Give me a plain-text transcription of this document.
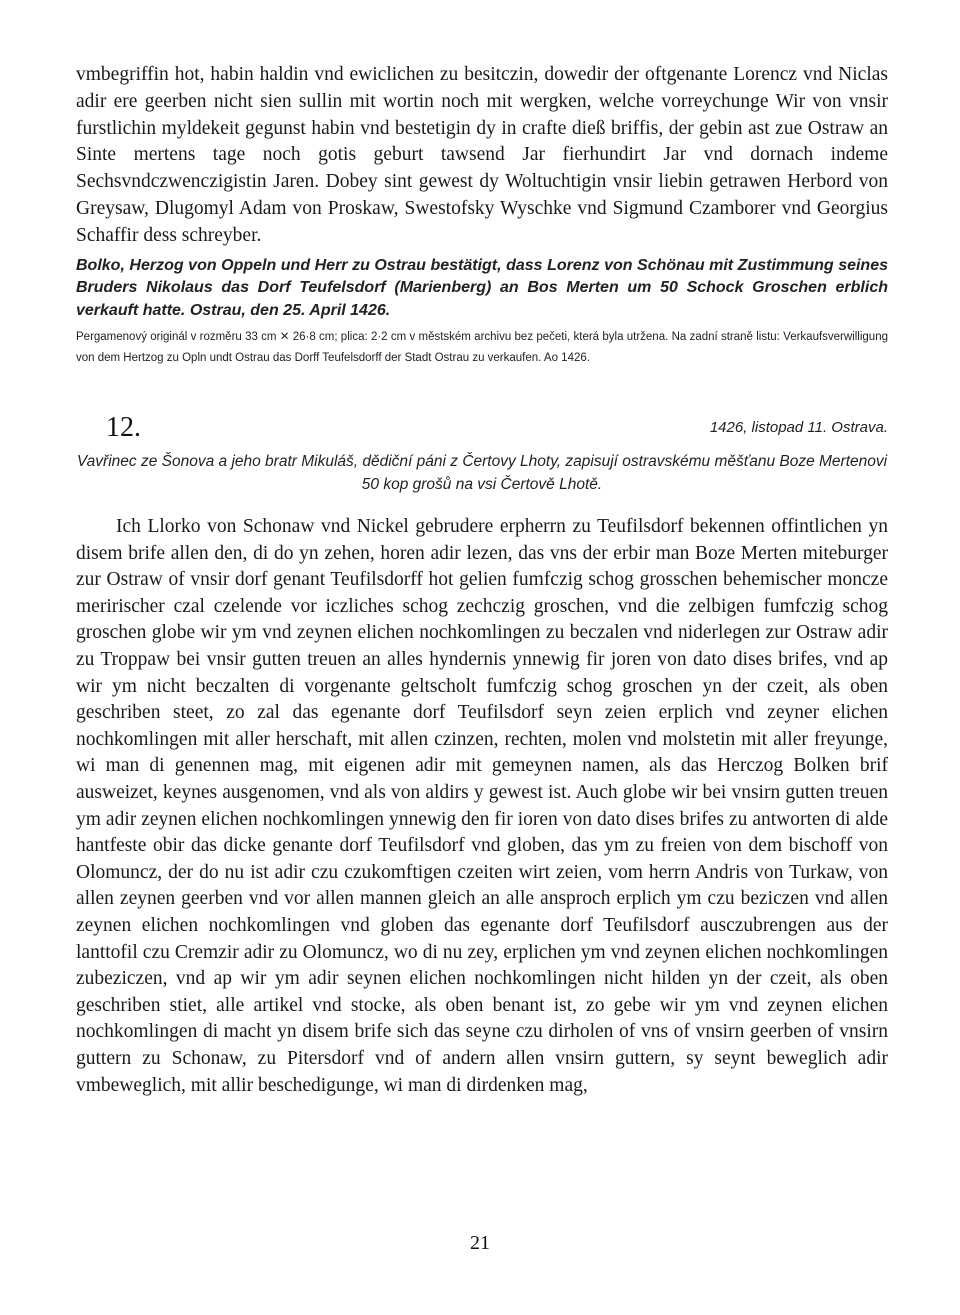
vmbegriffin hot, habin haldin vnd ewiclichen zu besitczin, dowedir der oftgenante Lorencz vnd Niclas adir ere geerben nicht sien sullin mit wortin noch mit wergken, welche vorreychunge Wir von vnsir furstlichin myldekeit gegunst habin vnd bestetigin dy in crafte dieß briffis, der gebin ast zue Ostraw an Sinte mertens tage noch gotis geburt tawsend Jar fierhundirt Jar vnd dornach indeme Sechsvndczwenczigistin Jaren. Dobey sint gewest dy Woltuchtigin vnsir liebin getrawen Herbord von Greysaw, Dlugomyl Adam von Proskaw, Swestofsky Wyschke vnd Sigmund Czamborer vnd Georgius Schaffir dess schreyber.

Bolko, Herzog von Oppeln und Herr zu Ostrau bestätigt, dass Lorenz von Schönau mit Zustimmung seines Bruders Nikolaus das Dorf Teufelsdorf (Marienberg) an Bos Merten um 50 Schock Groschen erblich verkauft hatte. Ostrau, den 25. April 1426.

Pergamenový originál v rozměru 33 cm ✕ 26·8 cm; plica: 2·2 cm v městském archivu bez pečeti, která byla utržena. Na zadní straně listu: Verkaufsverwilligung von dem Hertzog zu Opln undt Ostrau das Dorff Teufelsdorff der Stadt Ostrau zu verkaufen. Ao 1426.

12.	1426, listopad 11. Ostrava.

Vavřinec ze Šonova a jeho bratr Mikuláš, dědiční páni z Čertovy Lhoty, zapisují ostravskému měšťanu Boze Mertenovi 50 kop grošů na vsi Čertově Lhotě.

Ich Llorko von Schonaw vnd Nickel gebrudere erpherrn zu Teufilsdorf bekennen offintlichen yn disem brife allen den, di do yn zehen, horen adir lezen, das vns der erbir man Boze Merten miteburger zur Ostraw of vnsir dorf genant Teufilsdorff hot gelien fumfczig schog grosschen behemischer moncze meririscher czal czelende vor iczliches schog zechczig groschen, vnd die zelbigen fumfczig schog groschen globe wir ym vnd zeynen elichen nochkomlingen zu beczalen vnd niderlegen zur Ostraw adir zu Troppaw bei vnsir gutten treuen an alles hyndernis ynnewig fir joren von dato dises brifes, vnd ap wir ym nicht beczalten di vorgenante geltscholt fumfczig schog groschen yn der czeit, als oben geschriben steet, zo zal das egenante dorf Teufilsdorf seyn zeien erplich vnd zeyner elichen nochkomlingen mit aller herschaft, mit allen czinzen, rechten, molen vnd molstetin mit aller freyunge, wi man di genennen mag, mit eigenen adir mit gemeynen namen, als das Herczog Bolken brif ausweizet, keynes ausgenomen, vnd als von aldirs y gewest ist. Auch globe wir bei vnsirn gutten treuen ym adir zeynen elichen nochkomlingen ynnewig den fir ioren von dato dises brifes zu antworten di alde hantfeste obir das dicke genante dorf Teufilsdorf vnd globen, das ym zu freien von dem bischoff von Olomuncz, der do nu ist adir czu czukomftigen czeiten wirt zeien, vom herrn Andris von Turkaw, von allen zeynen geerben vnd vor allen mannen gleich an alle ansproch erplich ym czu beziczen vnd allen zeynen elichen nochkomlingen vnd globen das egenante dorf Teufilsdorf ausczubrengen aus der lanttofil czu Cremzir adir zu Olomuncz, wo di nu zey, erplichen ym vnd zeynen elichen nochkomlingen zubeziczen, vnd ap wir ym adir seynen elichen nochkomlingen nicht hilden yn der czeit, als oben geschriben stiet, alle artikel vnd stocke, als oben benant ist, zo gebe wir ym vnd zeynen elichen nochkomlingen di macht yn disem brife sich das seyne czu dirholen of vns of vnsirn geerben of vnsirn guttern zu Schonaw, zu Pitersdorf vnd of andern allen vnsirn guttern, sy seynt beweglich adir vmbeweglich, mit allir beschedigunge, wi man di dirdenken mag,

21
